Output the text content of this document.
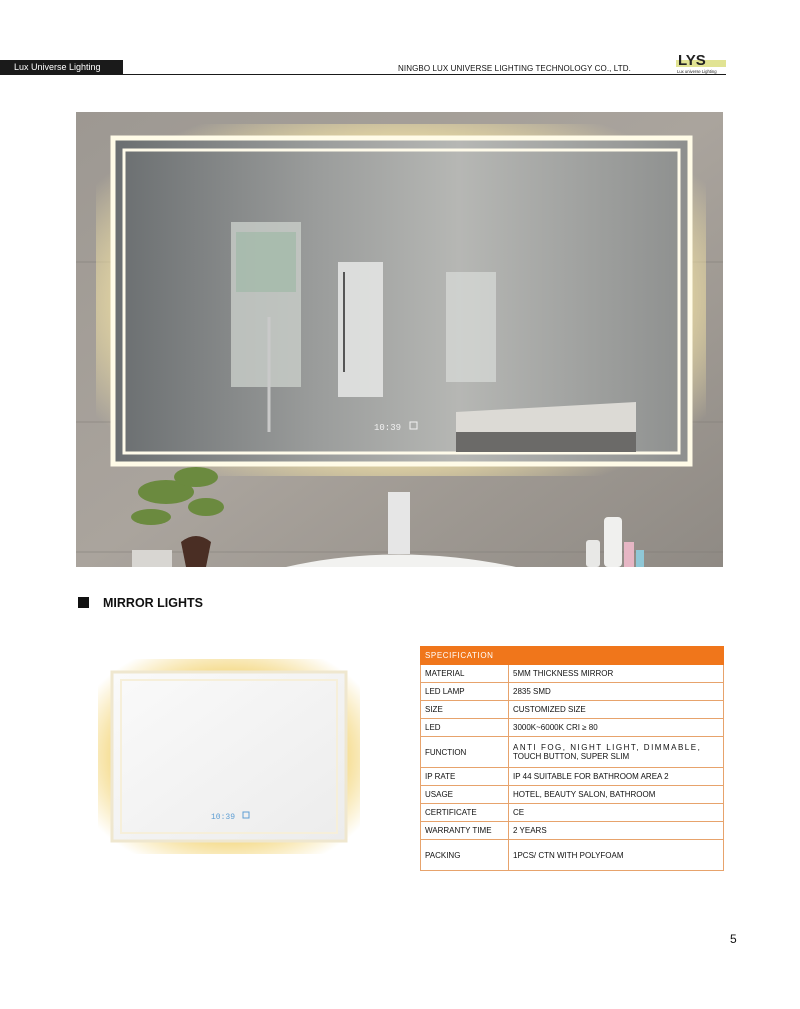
Lux Universe Lighting	NINGBO LUX UNIVERSE LIGHTING TECHNOLOGY CO., LTD.	LYS
Lux universe Lighting
10:39
MIRROR LIGHTS
10:39
SPECIFICATION	
MATERIAL	5MM THICKNESS MIRROR
LED LAMP	2835 SMD
SIZE	CUSTOMIZED SIZE
LED	3000K~6000K CRI ≥ 80
FUNCTION	ANTI FOG, NIGHT LIGHT, DIMMABLE,
TOUCH BUTTON, SUPER SLIM

IP RATE	IP 44 SUITABLE FOR BATHROOM AREA 2
USAGE	HOTEL, BEAUTY SALON, BATHROOM
CERTIFICATE	CE
WARRANTY TIME	2 YEARS
PACKING	1PCS/ CTN WITH POLYFOAM
5
